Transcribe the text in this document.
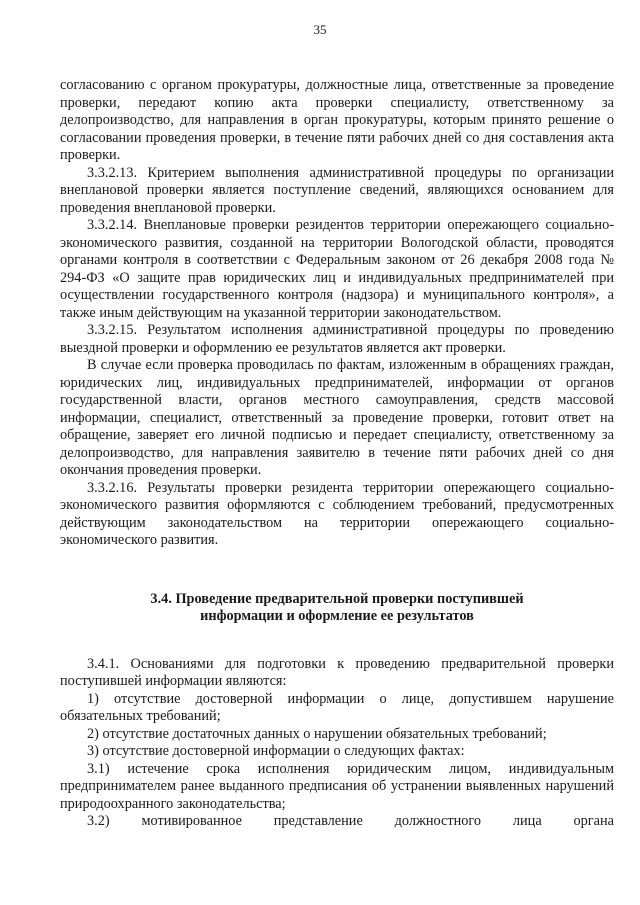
35

согласованию с органом прокуратуры, должностные лица, ответственные за проведение проверки, передают копию акта проверки специалисту, ответственному за делопроизводство, для направления в орган прокуратуры, которым принято решение о согласовании проведения проверки, в течение пяти рабочих дней со дня составления акта проверки.

3.3.2.13. Критерием выполнения административной процедуры по организации внеплановой проверки является поступление сведений, являющихся основанием для проведения внеплановой проверки.

3.3.2.14. Внеплановые проверки резидентов территории опережающего социально-экономического развития, созданной на территории Вологодской области, проводятся органами контроля в соответствии с Федеральным законом от 26 декабря 2008 года № 294-ФЗ «О защите прав юридических лиц и индивидуальных предпринимателей при осуществлении государственного контроля (надзора) и муниципального контроля», а также иным действующим на указанной территории законодательством.

3.3.2.15. Результатом исполнения административной процедуры по проведению выездной проверки и оформлению ее результатов является акт проверки.

В случае если проверка проводилась по фактам, изложенным в обращениях граждан, юридических лиц, индивидуальных предпринимателей, информации от органов государственной власти, органов местного самоуправления, средств массовой информации, специалист, ответственный за проведение проверки, готовит ответ на обращение, заверяет его личной подписью и передает специалисту, ответственному за делопроизводство, для направления заявителю в течение пяти рабочих дней со дня окончания проведения проверки.

3.3.2.16. Результаты проверки резидента территории опережающего социально-экономического развития оформляются с соблюдением требований, предусмотренных действующим законодательством на территории опережающего социально-экономического развития.

3.4. Проведение предварительной проверки поступившей
информации и оформление ее результатов

3.4.1. Основаниями для подготовки к проведению предварительной проверки поступившей информации являются:

1) отсутствие достоверной информации о лице, допустившем нарушение обязательных требований;

2) отсутствие достаточных данных о нарушении обязательных требований;

3) отсутствие достоверной информации о следующих фактах:

3.1) истечение срока исполнения юридическим лицом, индивидуальным предпринимателем ранее выданного предписания об устранении выявленных нарушений природоохранного законодательства;

3.2) мотивированное представление должностного лица органа
